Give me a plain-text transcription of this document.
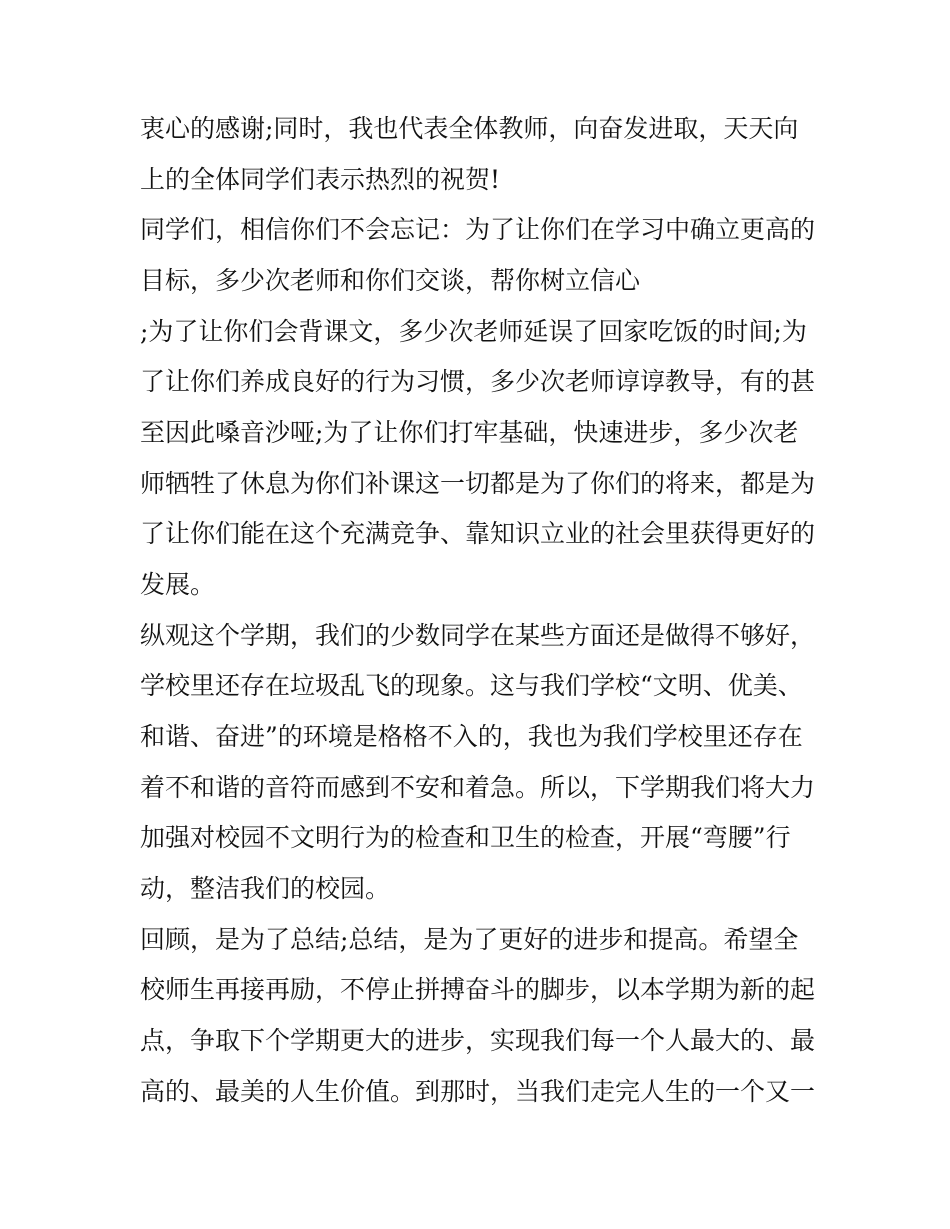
衷心的感谢;同时，我也代表全体教师，向奋发进取，天天向
上的全体同学们表示热烈的祝贺!
同学们，相信你们不会忘记：为了让你们在学习中确立更高的
目标，多少次老师和你们交谈，帮你树立信心
;为了让你们会背课文，多少次老师延误了回家吃饭的时间;为
了让你们养成良好的行为习惯，多少次老师谆谆教导，有的甚
至因此嗓音沙哑;为了让你们打牢基础，快速进步，多少次老
师牺牲了休息为你们补课这一切都是为了你们的将来，都是为
了让你们能在这个充满竞争、靠知识立业的社会里获得更好的
发展。
纵观这个学期，我们的少数同学在某些方面还是做得不够好，
学校里还存在垃圾乱飞的现象。这与我们学校“文明、优美、
和谐、奋进”的环境是格格不入的，我也为我们学校里还存在
着不和谐的音符而感到不安和着急。所以，下学期我们将大力
加强对校园不文明行为的检查和卫生的检查，开展“弯腰”行
动，整洁我们的校园。
回顾，是为了总结;总结，是为了更好的进步和提高。希望全
校师生再接再励，不停止拼搏奋斗的脚步，以本学期为新的起
点，争取下个学期更大的进步，实现我们每一个人最大的、最
高的、最美的人生价值。到那时，当我们走完人生的一个又一
